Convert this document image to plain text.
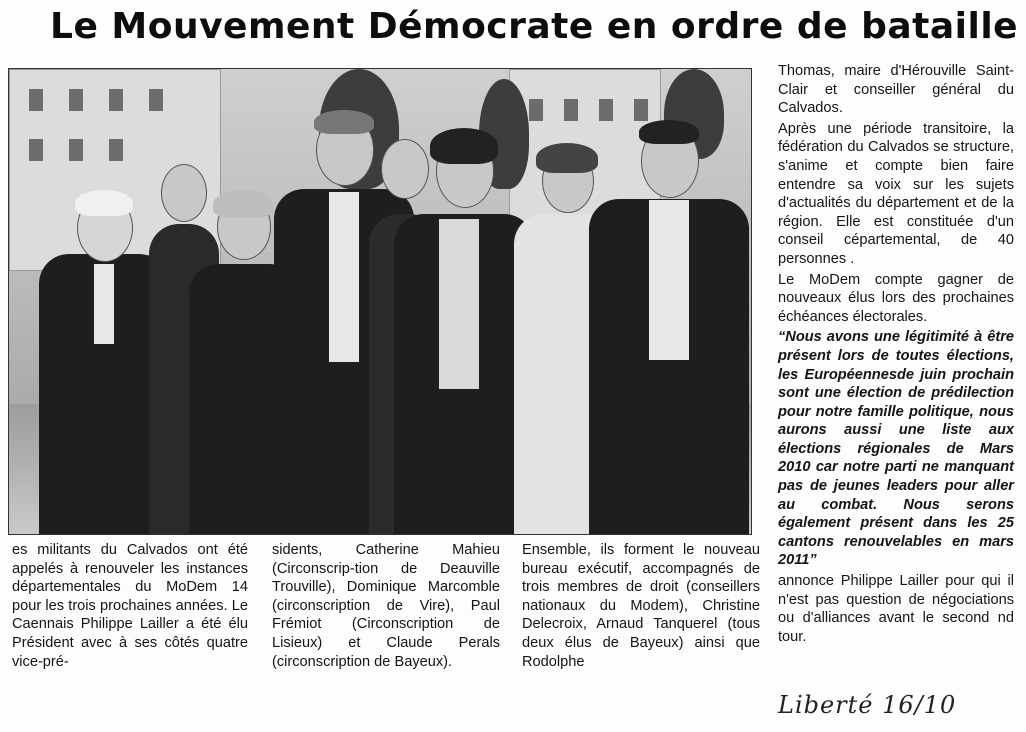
Le Mouvement Démocrate en ordre de bataille

es militants du Calvados ont été appelés à renouveler les instances départementales du MoDem 14 pour les trois prochaines années. Le Caennais Philippe Lailler a été élu Président avec à ses côtés quatre vice-pré-

sidents, Catherine Mahieu (Circonscrip-tion de Deauville Trouville), Dominique Marcomble (circonscription de Vire), Paul Frémiot (Circonscription de Lisieux) et Claude Perals (circonscription de Bayeux).

Ensemble, ils forment le nouveau bureau exécutif, accompagnés de trois membres de droit (conseillers nationaux du Modem), Christine Delecroix, Arnaud Tanquerel (tous deux élus de Bayeux) ainsi que Rodolphe

Thomas, maire d'Hérouville Saint-Clair et conseiller général du Calvados.

Après une période transitoire, la fédération du Calvados se structure, s'anime et compte bien faire entendre sa voix sur les sujets d'actualités du département et de la région. Elle est constituée d'un conseil cépartemental, de 40 personnes .

Le MoDem compte gagner de nouveaux élus lors des prochaines échéances électorales.

“Nous avons une légitimité à être présent lors de toutes élections, les Européennesde juin prochain sont une élection de prédilection pour notre famille politique, nous aurons aussi une liste aux élections régionales de Mars 2010 car notre parti ne manquant pas de jeunes leaders pour aller au combat. Nous serons également présent dans les 25 cantons renouvelables en mars 2011”

annonce Philippe Lailler pour qui il n'est pas question de négociations ou d'alliances avant le second nd tour.

Liberté 16/10
